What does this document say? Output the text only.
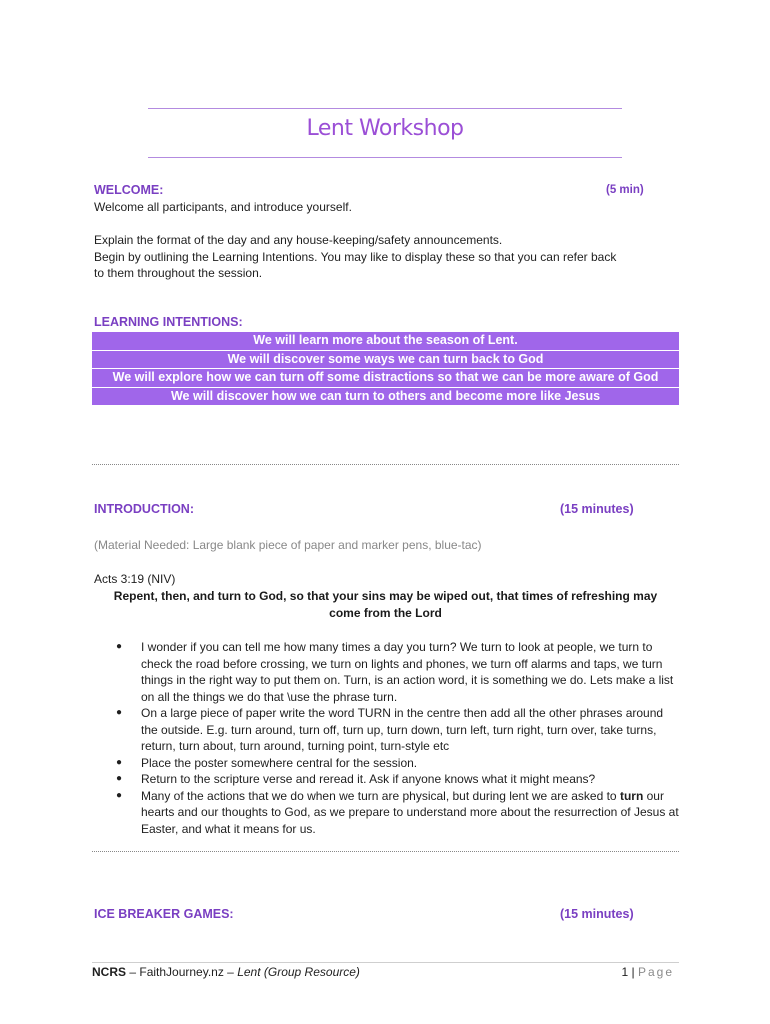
Lent Workshop
WELCOME:	(5 min)
Welcome all participants, and introduce yourself.
Explain the format of the day and any house-keeping/safety announcements.
Begin by outlining the Learning Intentions. You may like to display these so that you can refer back
to them throughout the session.
LEARNING INTENTIONS:
We will learn more about the season of Lent.
We will discover some ways we can turn back to God
We will explore how we can turn off some distractions so that we can be more aware of God
We will discover how we can turn to others and become more like Jesus
INTRODUCTION:	(15 minutes)
(Material Needed: Large blank piece of paper and marker pens, blue-tac)
Acts 3:19 (NIV)
Repent, then, and turn to God, so that your sins may be wiped out, that times of refreshing may
come from the Lord
● I wonder if you can tell me how many times a day you turn? We turn to look at people, we turn to check the road before crossing, we turn on lights and phones, we turn off alarms and taps, we turn things in the right way to put them on. Turn, is an action word, it is something we do. Lets make a list on all the things we do that \use the phrase turn.
● On a large piece of paper write the word TURN in the centre then add all the other phrases around the outside. E.g. turn around, turn off, turn up, turn down, turn left, turn right, turn over, take turns, return, turn about, turn around, turning point, turn-style etc
● Place the poster somewhere central for the session.
● Return to the scripture verse and reread it. Ask if anyone knows what it might means?
● Many of the actions that we do when we turn are physical, but during lent we are asked to turn our hearts and our thoughts to God, as we prepare to understand more about the resurrection of Jesus at Easter, and what it means for us.
ICE BREAKER GAMES:	(15 minutes)
NCRS – FaithJourney.nz – Lent (Group Resource)	1 | Page
